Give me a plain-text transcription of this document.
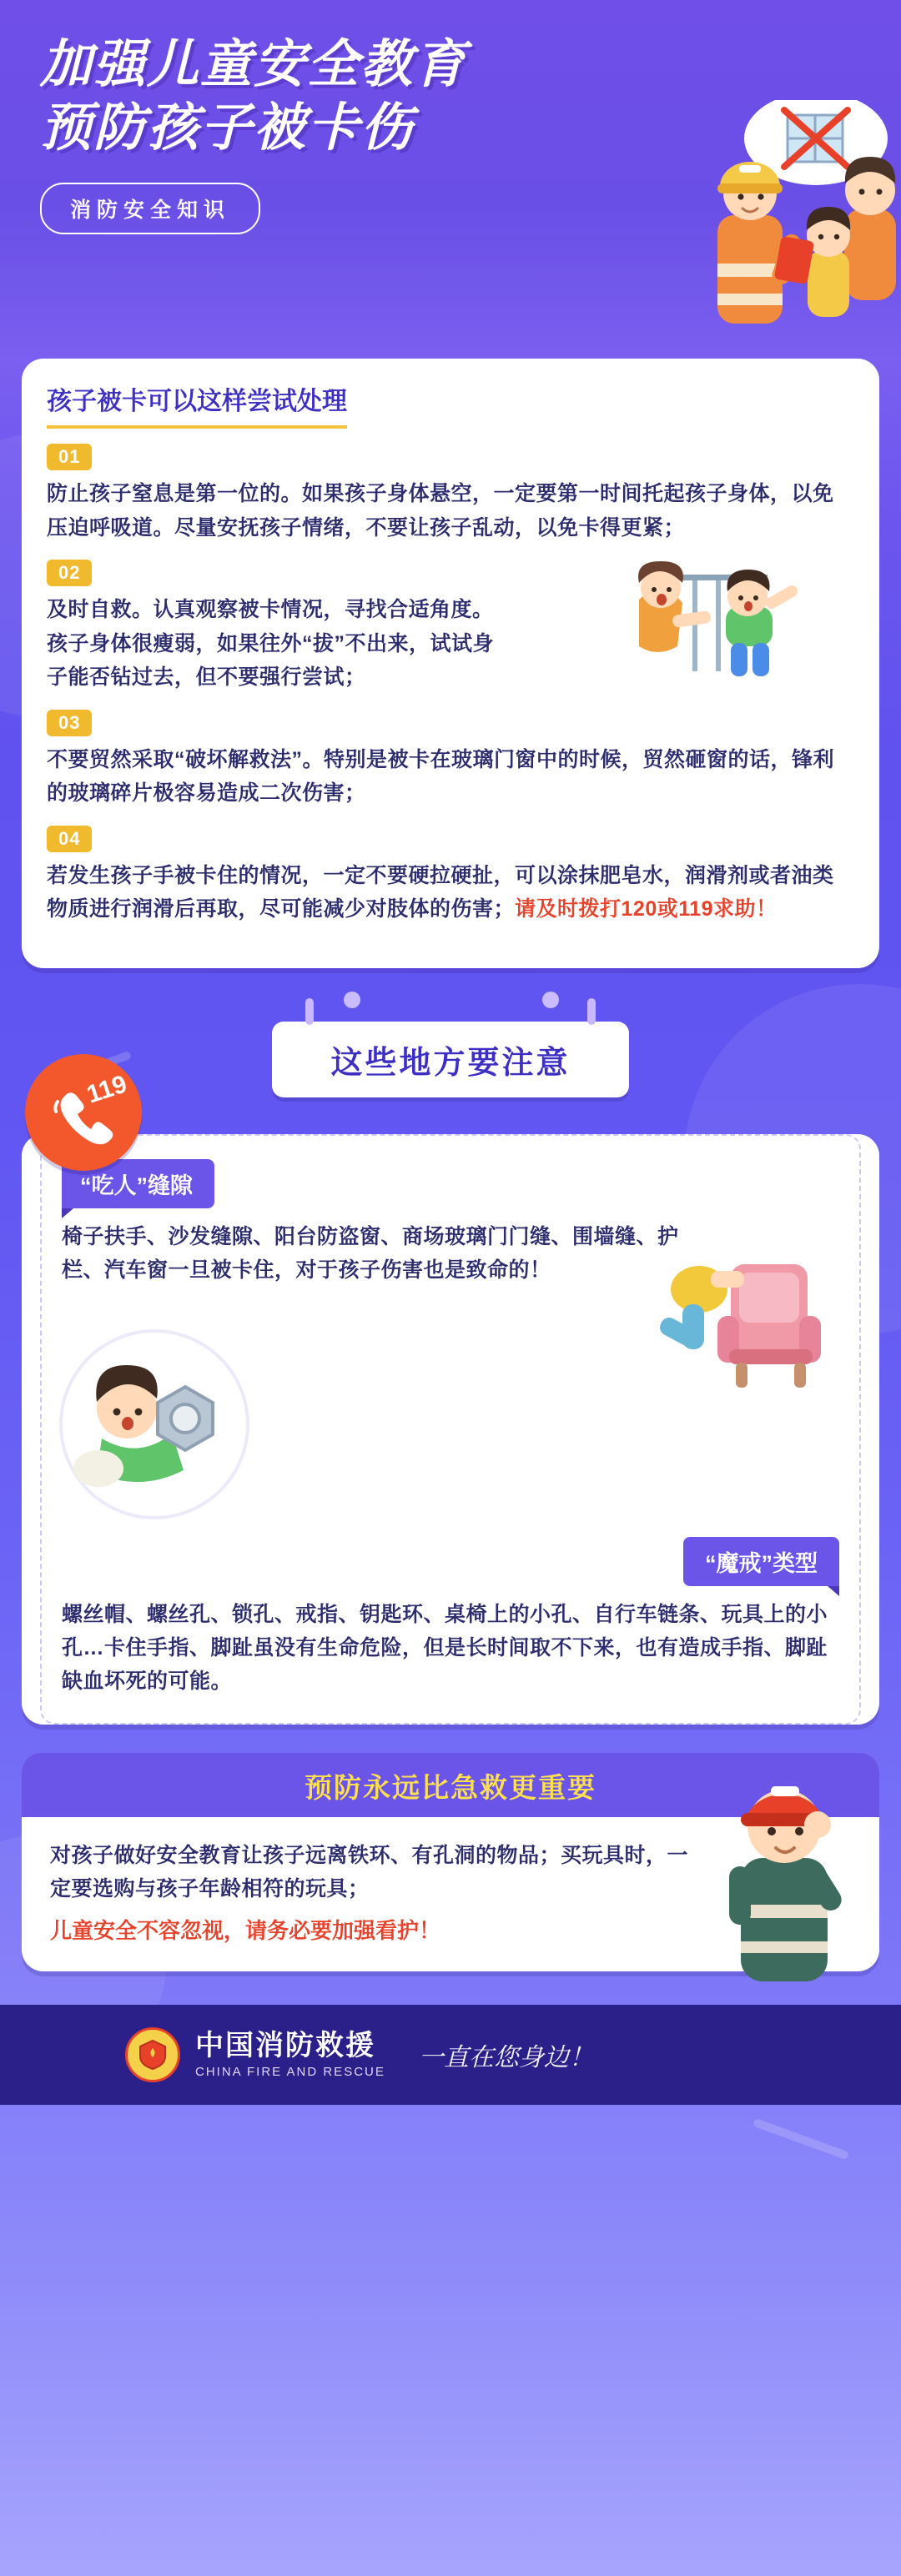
加强儿童安全教育
预防孩子被卡伤
消防安全知识
孩子被卡可以这样尝试处理
01
防止孩子窒息是第一位的。如果孩子身体悬空，一定要第一时间托起孩子身体，以免压迫呼吸道。尽量安抚孩子情绪，不要让孩子乱动，以免卡得更紧；
02
及时自救。认真观察被卡情况，寻找合适角度。孩子身体很瘦弱，如果往外“拔”不出来，试试身子能否钻过去，但不要强行尝试；
03
不要贸然采取“破坏解救法”。特别是被卡在玻璃门窗中的时候，贸然砸窗的话，锋利的玻璃碎片极容易造成二次伤害；
04
若发生孩子手被卡住的情况，一定不要硬拉硬扯，可以涂抹肥皂水，润滑剂或者油类物质进行润滑后再取，尽可能减少对肢体的伤害；请及时拨打120或119求助！
119
这些地方要注意
“吃人”缝隙
椅子扶手、沙发缝隙、阳台防盗窗、商场玻璃门门缝、围墙缝、护栏、汽车窗一旦被卡住，对于孩子伤害也是致命的！
“魔戒”类型
螺丝帽、螺丝孔、锁孔、戒指、钥匙环、桌椅上的小孔、自行车链条、玩具上的小孔…卡住手指、脚趾虽没有生命危险，但是长时间取不下来，也有造成手指、脚趾缺血坏死的可能。
预防永远比急救更重要
对孩子做好安全教育让孩子远离铁环、有孔洞的物品；买玩具时，一定要选购与孩子年龄相符的玩具；
儿童安全不容忽视，请务必要加强看护！
中国消防救援
CHINA FIRE AND RESCUE
一直在您身边！
